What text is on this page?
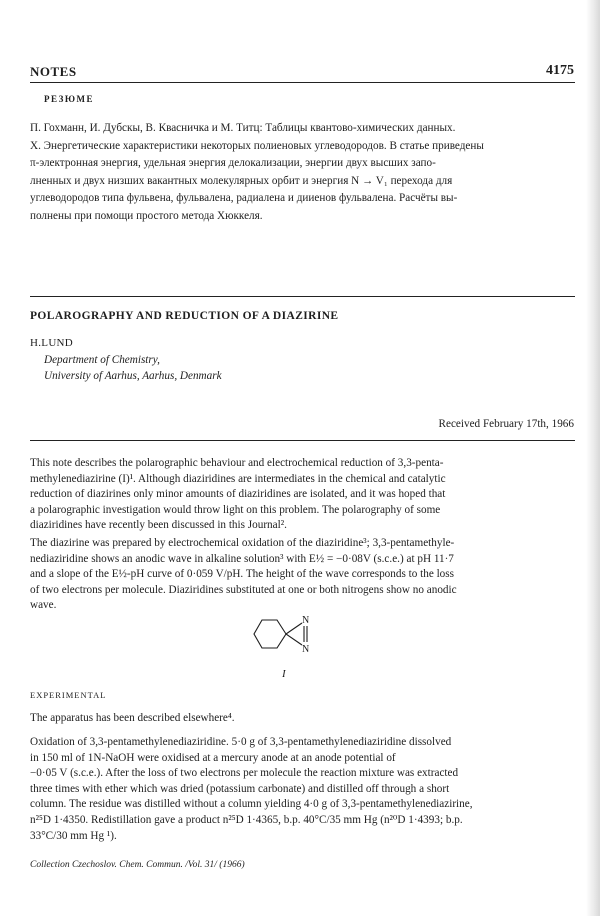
NOTES	4175
РЕЗЮМЕ
П. Гохманн, И. Дубскы, В. Квасничка и М. Титц: Таблицы квантово-химических данных.
X. Энергетические характеристики некоторых полиеновых углеводородов. В статье приведены
π-электронная энергия, удельная энергия делокализации, энергии двух высших запо-
лненных и двух низших вакантных молекулярных орбит и энергия N → V₁ перехода для
углеводородов типа фульвена, фульвалена, радиалена и дииенов фульвалена. Расчёты вы-
полнены при помощи простого метода Хюккеля.
POLAROGRAPHY AND REDUCTION OF A DIAZIRINE
H.LUND
Department of Chemistry,
University of Aarhus, Aarhus, Denmark
Received February 17th, 1966
This note describes the polarographic behaviour and electrochemical reduction of 3,3-penta-
methylenediazirine (I)¹. Although diaziridines are intermediates in the chemical and catalytic
reduction of diazirines only minor amounts of diaziridines are isolated, and it was hoped that
a polarographic investigation would throw light on this problem. The polarography of some
diaziridines have recently been discussed in this Journal².
The diazirine was prepared by electrochemical oxidation of the diaziridine³; 3,3-pentamethyle-
nediaziridine shows an anodic wave in alkaline solution³ with E½ = −0·08V (s.c.e.) at pH 11·7
and a slope of the E½-pH curve of 0·059 V/pH. The height of the wave corresponds to the loss
of two electrons per molecule. Diaziridines substituted at one or both nitrogens show no anodic
wave.
N
N
I
EXPERIMENTAL
The apparatus has been described elsewhere⁴.
Oxidation of 3,3-pentamethylenediaziridine. 5·0 g of 3,3-pentamethylenediaziridine dissolved
in 150 ml of 1N-NaOH were oxidised at a mercury anode at an anode potential of
−0·05 V (s.c.e.). After the loss of two electrons per molecule the reaction mixture was extracted
three times with ether which was dried (potassium carbonate) and distilled off through a short
column. The residue was distilled without a column yielding 4·0 g of 3,3-pentamethylenediazirine,
n²⁵D 1·4350. Redistillation gave a product n²⁵D 1·4365, b.p. 40°C/35 mm Hg (n²⁰D 1·4393; b.p.
33°C/30 mm Hg ¹).
Collection Czechoslov. Chem. Commun. /Vol. 31/ (1966)
